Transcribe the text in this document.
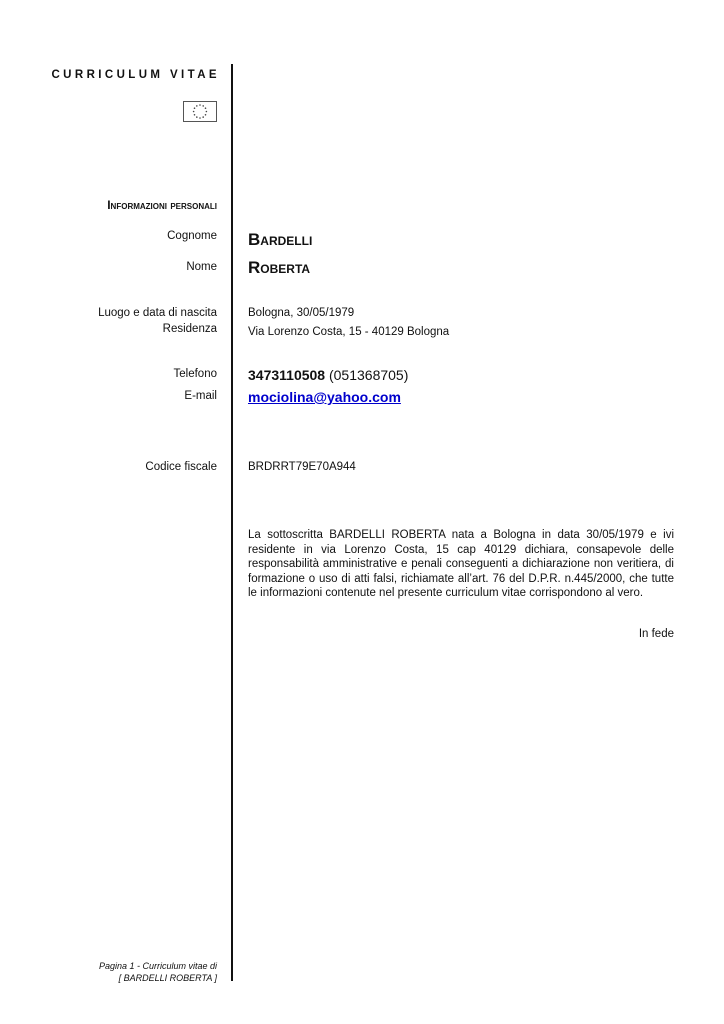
CURRICULUM VITAE
Informazioni personali
Cognome Bardelli
Nome Roberta
Luogo e data di nascita	Bologna, 30/05/1979
Residenza	Via Lorenzo Costa, 15 - 40129 Bologna
Telefono 3473110508 (051368705)
E-mail mociolina@yahoo.com
Codice fiscale	BRDRRT79E70A944
La sottoscritta BARDELLI ROBERTA nata a Bologna in data 30/05/1979 e ivi residente in via Lorenzo Costa, 15 cap 40129 dichiara, consapevole delle responsabilità amministrative e penali conseguenti a dichiarazione non veritiera, di formazione o uso di atti falsi, richiamate all’art. 76 del D.P.R. n.445/2000, che tutte le informazioni contenute nel presente curriculum vitae corrispondono al vero.
In fede
Pagina 1 - Curriculum vitae di
[ BARDELLI ROBERTA ]
